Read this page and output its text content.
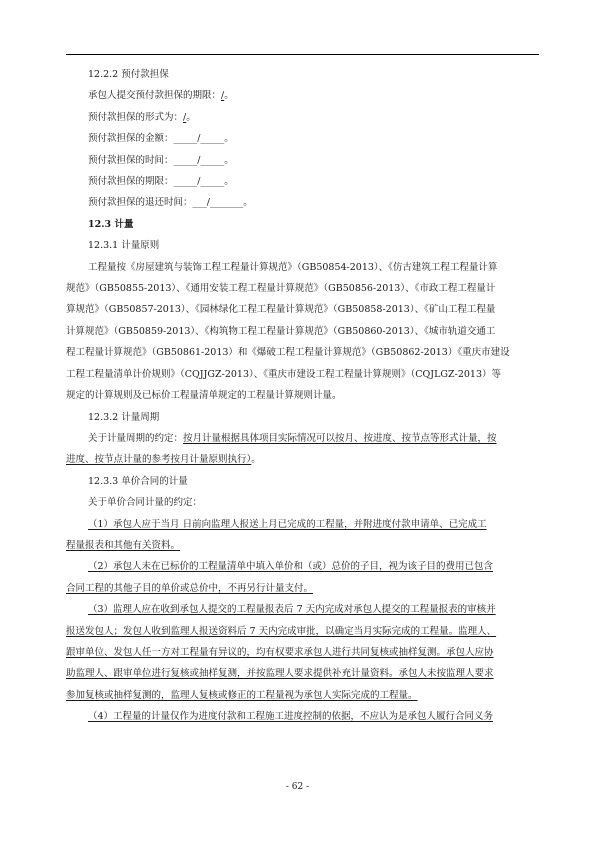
12.2.2 预付款担保
承包人提交预付款担保的期限：/。
预付款担保的形式为：/。
预付款担保的金额：_____/_____。
预付款担保的时间：_____/_____。
预付款担保的期限：_____/_____。
预付款担保的退还时间：___/_______。
12.3 计量
12.3.1 计量原则
工程量按《房屋建筑与装饰工程工程量计算规范》（GB50854-2013）、《仿古建筑工程工程量计算
规范》（GB50855-2013）、《通用安装工程工程量计算规范》（GB50856-2013）、《市政工程工程量计
算规范》（GB50857-2013）、《园林绿化工程工程量计算规范》（GB50858-2013）、《矿山工程工程量
计算规范》（GB50859-2013）、《构筑物工程工程量计算规范》（GB50860-2013）、《城市轨道交通工
程工程量计算规范》（GB50861-2013）和《爆破工程工程量计算规范》（GB50862-2013）《重庆市建设
工程工程量清单计价规则》（CQJJGZ-2013）、《重庆市建设工程工程量计算规则》（CQJLGZ-2013）等
规定的计算规则及已标价工程量清单规定的工程量计算规则计量。
12.3.2 计量周期
关于计量周期的约定：按月计量根据具体项目实际情况可以按月、按进度、按节点等形式计量，按
进度、按节点计量的参考按月计量原则执行）。
12.3.3 单价合同的计量
关于单价合同计量的约定：
（1）承包人应于当月 日前向监理人报送上月已完成的工程量，并附进度付款申请单、已完成工
程量报表和其他有关资料。
（2）承包人未在已标价的工程量清单中填入单价和（或）总价的子目，视为该子目的费用已包含
合同工程的其他子目的单价或总价中，不再另行计量支付。
（3）监理人应在收到承包人提交的工程量报表后 7 天内完成对承包人提交的工程量报表的审核并
报送发包人；发包人收到监理人报送资料后 7 天内完成审批，以确定当月实际完成的工程量。监理人、
跟审单位、发包人任一方对工程量有异议的，均有权要求承包人进行共同复核或抽样复测。承包人应协
助监理人、跟审单位进行复核或抽样复测，并按监理人要求提供补充计量资料。承包人未按监理人要求
参加复核或抽样复测的，监理人复核或修正的工程量视为承包人实际完成的工程量。
（4）工程量的计量仅作为进度付款和工程施工进度控制的依据，不应认为是承包人履行合同义务
- 62 -
